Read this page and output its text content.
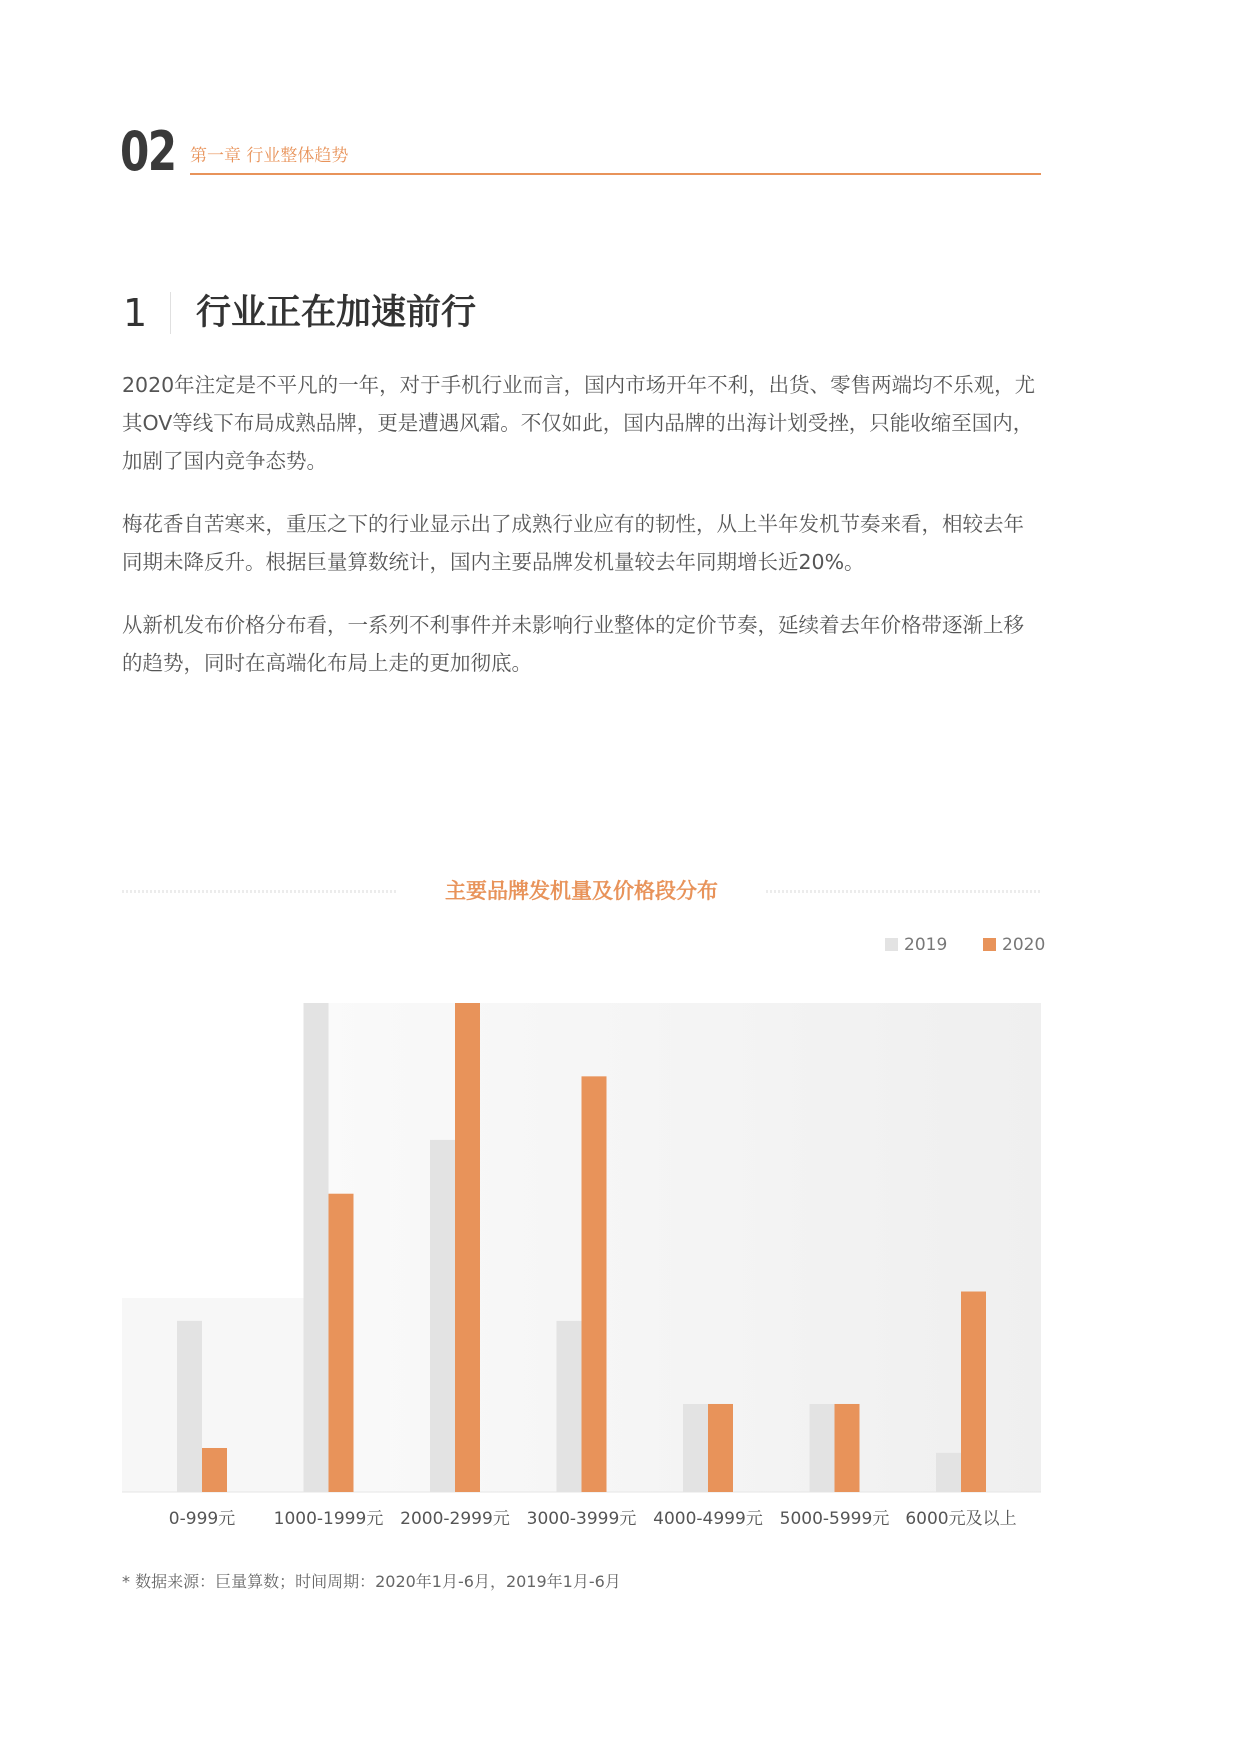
02 第一章 行业整体趋势
1 行业正在加速前行

2020年注定是不平凡的一年，对于手机行业而言，国内市场开年不利，出货、零售两端均不乐观，尤其OV等线下布局成熟品牌，更是遭遇风霜。不仅如此，国内品牌的出海计划受挫，只能收缩至国内，加剧了国内竞争态势。

梅花香自苦寒来，重压之下的行业显示出了成熟行业应有的韧性，从上半年发机节奏来看，相较去年同期未降反升。根据巨量算数统计，国内主要品牌发机量较去年同期增长近20%。

从新机发布价格分布看，一系列不利事件并未影响行业整体的定价节奏，延续着去年价格带逐渐上移的趋势，同时在高端化布局上走的更加彻底。

主要品牌发机量及价格段分布
2019	2020
0-999元 1000-1999元 2000-2999元 3000-3999元 4000-4999元 5000-5999元 6000元及以上
* 数据来源：巨量算数；时间周期：2020年1月-6月，2019年1月-6月
